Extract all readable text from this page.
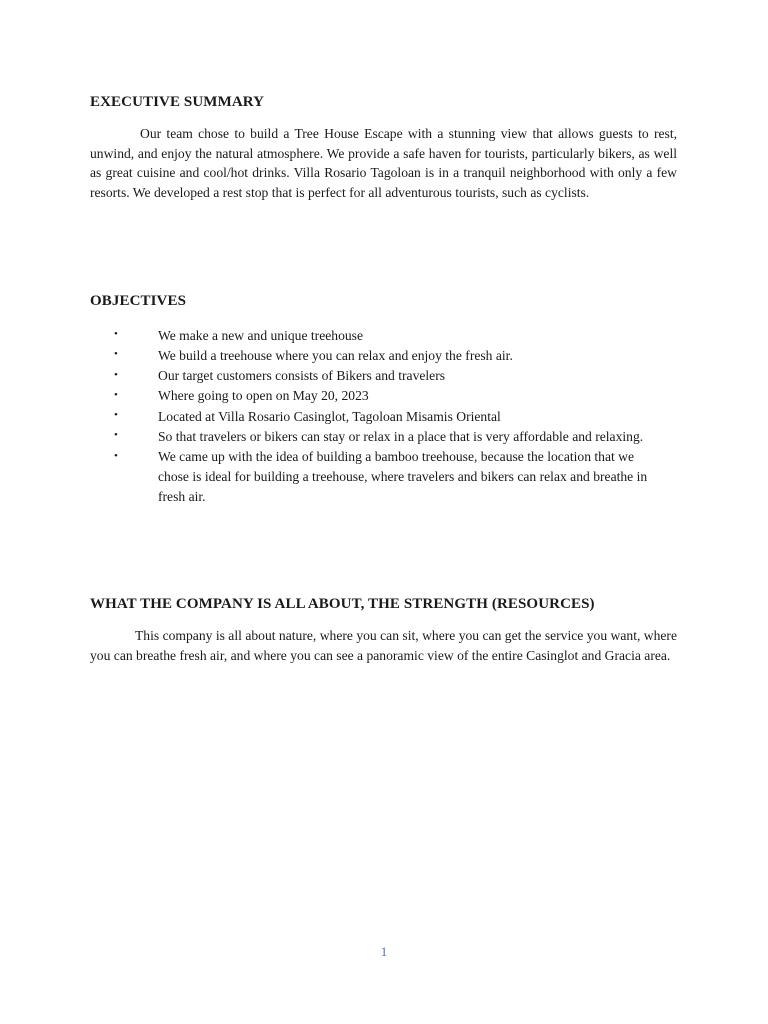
EXECUTIVE SUMMARY

Our team chose to build a Tree House Escape with a stunning view that allows guests to rest, unwind, and enjoy the natural atmosphere. We provide a safe haven for tourists, particularly bikers, as well as great cuisine and cool/hot drinks. Villa Rosario Tagoloan is in a tranquil neighborhood with only a few resorts. We developed a rest stop that is perfect for all adventurous tourists, such as cyclists.

OBJECTIVES
•	We make a new and unique treehouse
•	We build a treehouse where you can relax and enjoy the fresh air.
•	Our target customers consists of Bikers and travelers
•	Where going to open on May 20, 2023
•	Located at Villa Rosario Casinglot, Tagoloan Misamis Oriental
•	So that travelers or bikers can stay or relax in a place that is very affordable and relaxing.
•	We came up with the idea of building a bamboo treehouse, because the location that we chose is ideal for building a treehouse, where travelers and bikers can relax and breathe in fresh air.
WHAT THE COMPANY IS ALL ABOUT, THE STRENGTH (RESOURCES)

This company is all about nature, where you can sit, where you can get the service you want, where you can breathe fresh air, and where you can see a panoramic view of the entire Casinglot and Gracia area.

1
